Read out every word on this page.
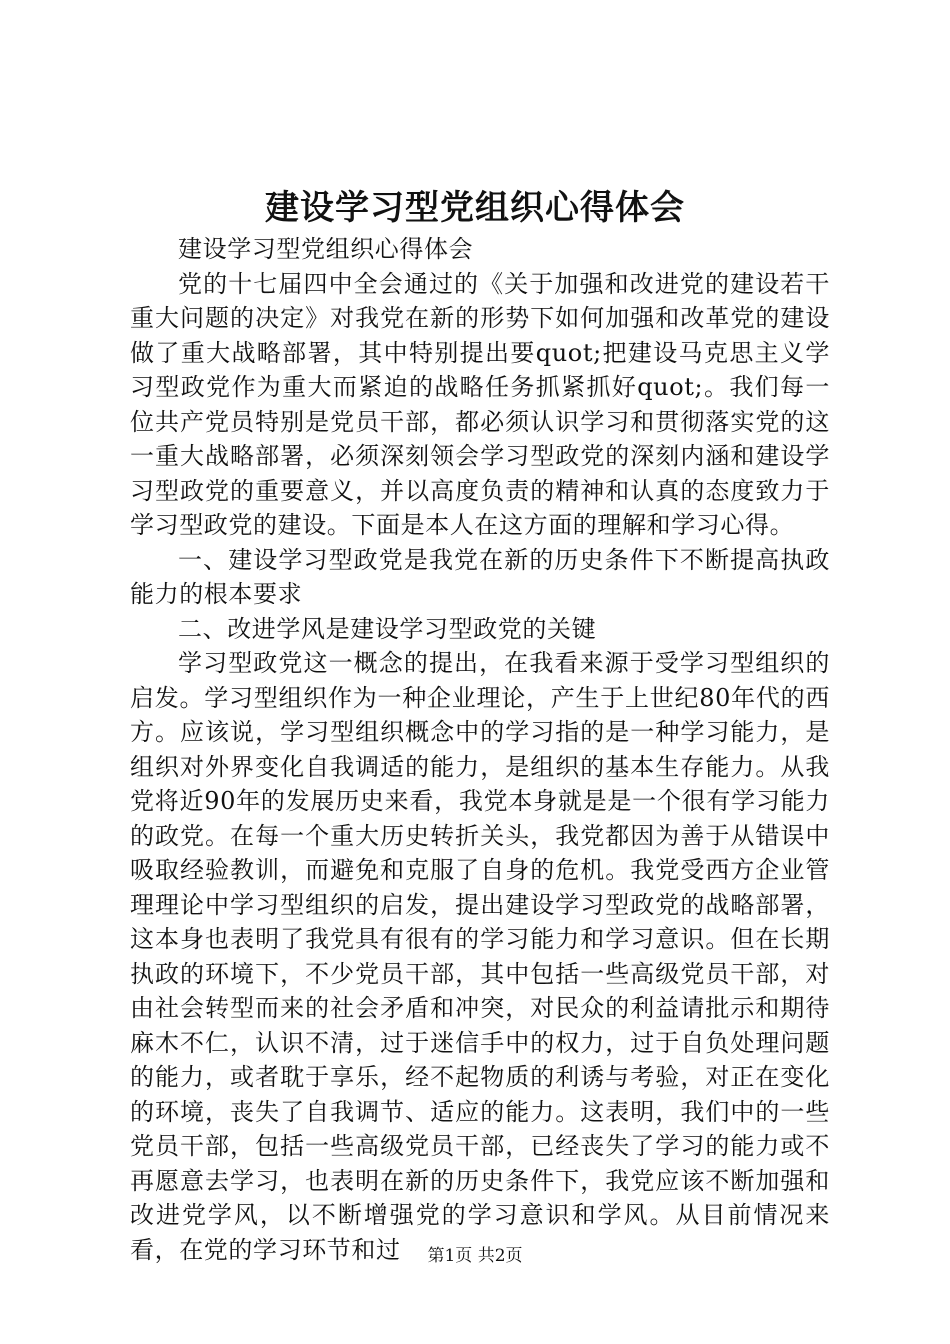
建设学习型党组织心得体会

建设学习型党组织心得体会

党的十七届四中全会通过的《关于加强和改进党的建设若干重大问题的决定》对我党在新的形势下如何加强和改革党的建设做了重大战略部署，其中特别提出要quot;把建设马克思主义学习型政党作为重大而紧迫的战略任务抓紧抓好quot;。我们每一位共产党员特别是党员干部，都必须认识学习和贯彻落实党的这一重大战略部署，必须深刻领会学习型政党的深刻内涵和建设学习型政党的重要意义，并以高度负责的精神和认真的态度致力于学习型政党的建设。下面是本人在这方面的理解和学习心得。

一、建设学习型政党是我党在新的历史条件下不断提高执政能力的根本要求

二、改进学风是建设学习型政党的关键

学习型政党这一概念的提出，在我看来源于受学习型组织的启发。学习型组织作为一种企业理论，产生于上世纪80年代的西方。应该说，学习型组织概念中的学习指的是一种学习能力，是组织对外界变化自我调适的能力，是组织的基本生存能力。从我党将近90年的发展历史来看，我党本身就是是一个很有学习能力的政党。在每一个重大历史转折关头，我党都因为善于从错误中吸取经验教训，而避免和克服了自身的危机。我党受西方企业管理理论中学习型组织的启发，提出建设学习型政党的战略部署，这本身也表明了我党具有很有的学习能力和学习意识。但在长期执政的环境下，不少党员干部，其中包括一些高级党员干部，对由社会转型而来的社会矛盾和冲突，对民众的利益请批示和期待麻木不仁，认识不清，过于迷信手中的权力，过于自负处理问题的能力，或者耽于享乐，经不起物质的利诱与考验，对正在变化的环境，丧失了自我调节、适应的能力。这表明，我们中的一些党员干部，包括一些高级党员干部，已经丧失了学习的能力或不再愿意去学习，也表明在新的历史条件下，我党应该不断加强和改进党学风，以不断增强党的学习意识和学风。从目前情况来看，在党的学习环节和过	第1页 共2页
